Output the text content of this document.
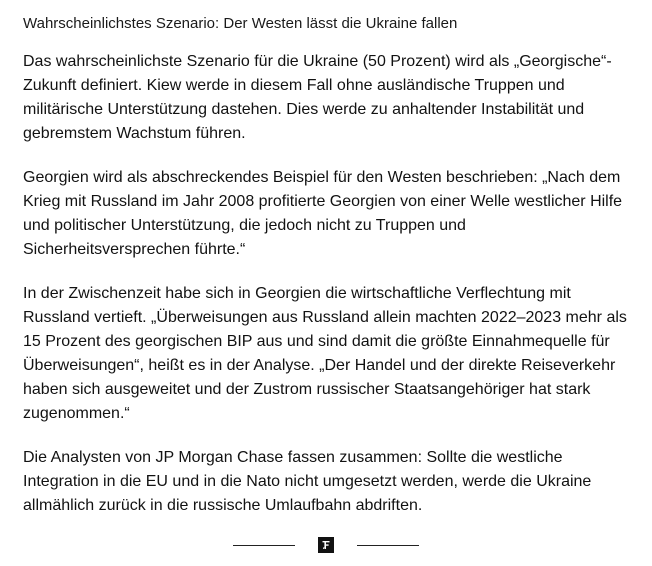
Wahrscheinlichstes Szenario: Der Westen lässt die Ukraine fallen

Das wahrscheinlichste Szenario für die Ukraine (50 Prozent) wird als „Georgische“-Zukunft definiert. Kiew werde in diesem Fall ohne ausländische Truppen und militärische Unterstützung dastehen. Dies werde zu anhaltender Instabilität und gebremstem Wachstum führen.

Georgien wird als abschreckendes Beispiel für den Westen beschrieben: „Nach dem Krieg mit Russland im Jahr 2008 profitierte Georgien von einer Welle westlicher Hilfe und politischer Unterstützung, die jedoch nicht zu Truppen und Sicherheitsversprechen führte.“

In der Zwischenzeit habe sich in Georgien die wirtschaftliche Verflechtung mit Russland vertieft. „Überweisungen aus Russland allein machten 2022–2023 mehr als 15 Prozent des georgischen BIP aus und sind damit die größte Einnahmequelle für Überweisungen“, heißt es in der Analyse. „Der Handel und der direkte Reiseverkehr haben sich ausgeweitet und der Zustrom russischer Staatsangehöriger hat stark zugenommen.“

Die Analysten von JP Morgan Chase fassen zusammen: Sollte die westliche Integration in die EU und in die Nato nicht umgesetzt werden, werde die Ukraine allmählich zurück in die russische Umlaufbahn abdriften.
